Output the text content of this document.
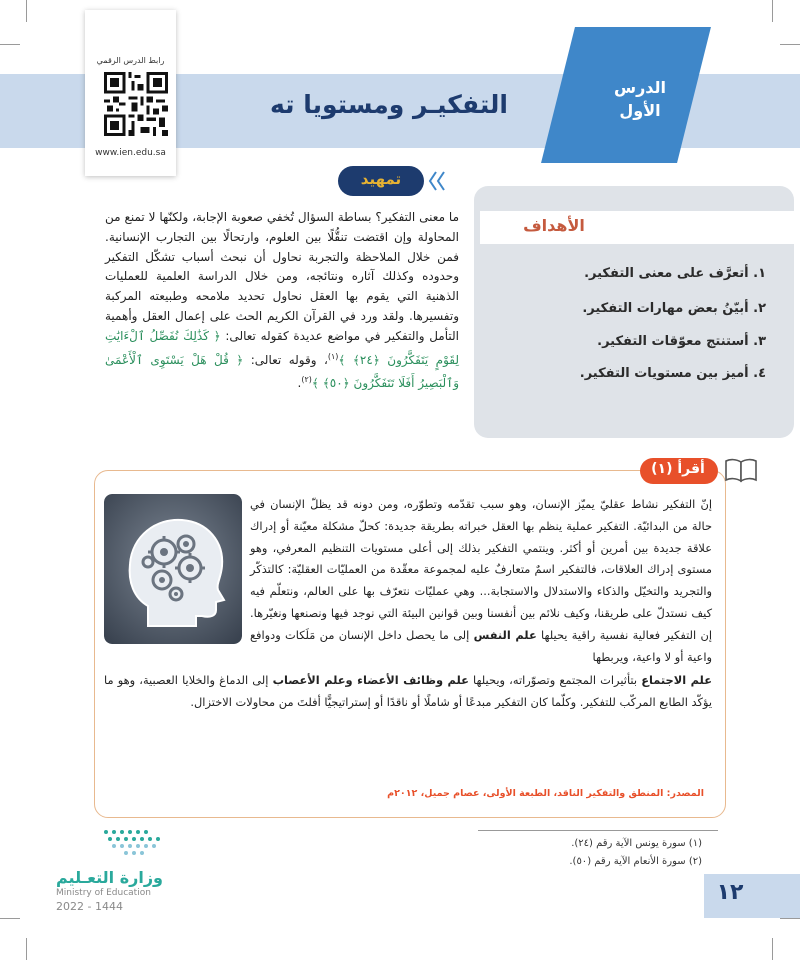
التفكيـر ومستويا ته
الدرس
الأول
رابط الدرس الرقمي
www.ien.edu.sa
تمهيد
ما معنى التفكير؟ بساطة السؤال تُخفي صعوبة الإجابة، ولكنّها لا تمنع من المحاولة وإن اقتضت تنقُّلًا بين العلوم، وارتحالًا بين التجارب الإنسانية. فمن خلال الملاحظة والتجربة نحاول أن نبحث أسباب تشكّل التفكير وحدوده وكذلك آثاره ونتائجه، ومن خلال الدراسة العلمية للعمليات الذهنية التي يقوم بها العقل نحاول تحديد ملامحه وطبيعته المركبة وتفسيرها. ولقد ورد في القرآن الكريم الحث على إعمال العقل وأهمية التأمل والتفكير في مواضع عديدة كقوله تعالى: ﴿ كَذَٰلِكَ نُفَصِّلُ ٱلْءَايَٰتِ لِقَوْمٍ يَتَفَكَّرُونَ ﴿٢٤﴾ ﴾$^{(١)}$، وقوله تعالى: ﴿ قُلْ هَلْ يَسْتَوِى ٱلْأَعْمَىٰ وَٱلْبَصِيرُ أَفَلَا تَتَفَكَّرُونَ ﴿٥٠﴾ ﴾$^{(٢)}$.
الأهداف
١. أتعرَّف على معنى التفكير.
٢. أبيّنُ بعض مهارات التفكير.
٣. أستنتج معوّقات التفكير.
٤. أميز بين مستويات التفكير.
أقرأ (١)
إنّ التفكير نشاط عقليّ يميّز الإنسان، وهو سبب تقدّمه وتطوّره، ومن دونه قد يظلّ الإنسان في حالة من البدائيّة. التفكير عملية ينظم بها العقل خبراته بطريقة جديدة: كحلّ مشكلة معيّنة أو إدراك علاقة جديدة بين أمرين أو أكثر. وينتمي التفكير بذلك إلى أعلى مستويات التنظيم المعرفي، وهو مستوى إدراك العلاقات، فالتفكير اسمٌ متعارفٌ عليه لمجموعة معقّدة من العمليّات العقليّة: كالتذكّر والتجريد والتخيّل والذكاء والاستدلال والاستجابة... وهي عمليّات نتعرّف بها على العالم، ونتعلّم فيه كيف نستدلّ على طريقنا، وكيف نلائم بين أنفسنا وبين قوانين البيئة التي نوجد فيها ونصنعها ونغيّرها. إن التفكير فعالية نفسية راقية يحيلها علم النفس إلى ما يحصل داخل الإنسان من مَلَكات ودوافع واعية أو لا واعية، ويربطها
علم الاجتماع بتأثيرات المجتمع وتصوّراته، ويحيلها علم وظائف الأعضاء وعلم الأعصاب إلى الدماغ والخلايا العصبية، وهو ما يؤكّد الطابع المركّب للتفكير. وكلّما كان التفكير مبدعًا أو شاملًا أو ناقدًا أو إستراتيجيًّا أفلتَ من محاولات الاختزال.
المصدر: المنطق والتفكير الناقد، الطبعة الأولى، عصام جميل، ٢٠١٢م
(١) سورة يونس الآية رقم (٢٤).
(٢) سورة الأنعام الآية رقم (٥٠).
وزارة التعـليم
Ministry of Education
2022 - 1444
١٢
